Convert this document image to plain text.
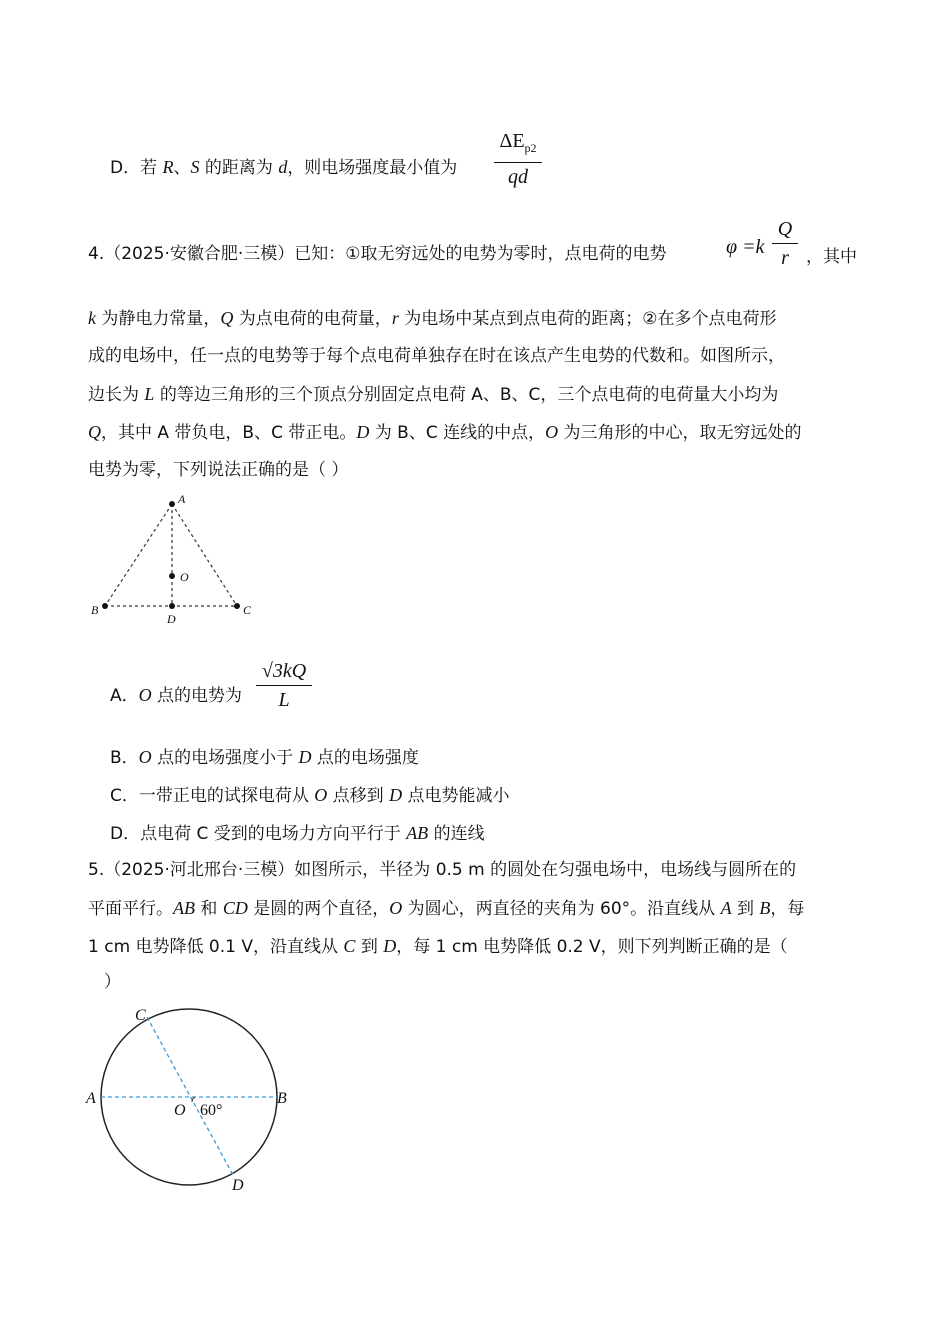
D．若 R、S 的距离为 d，则电场强度最小值为
$\Delta E_{p2}$
qd
4.（2025·安徽合肥·三模）已知：①取无穷远处的电势为零时，点电荷的电势	φ =k
Q
r	，其中
k 为静电力常量，Q 为点电荷的电荷量，r 为电场中某点到点电荷的距离；②在多个点电荷形
成的电场中，任一点的电势等于每个点电荷单独存在时在该点产生电势的代数和。如图所示，
边长为 L 的等边三角形的三个顶点分别固定点电荷 A、B、C，三个点电荷的电荷量大小均为
Q，其中 A 带负电，B、C 带正电。D 为 B、C 连线的中点，O 为三角形的中心，取无穷远处的
电势为零，下列说法正确的是（ ）
A
B	C
D
O
A．O 点的电势为
√3kQ
L
B．O 点的电场强度小于 D 点的电场强度
C．一带正电的试探电荷从 O 点移到 D 点电势能减小
D．点电荷 C 受到的电场力方向平行于 AB 的连线
5.（2025·河北邢台·三模）如图所示，半径为 0.5 m 的圆处在匀强电场中，电场线与圆所在的
平面平行。AB 和 CD 是圆的两个直径，O 为圆心，两直径的夹角为 60°。沿直线从 A 到 B，每
1 cm 电势降低 0.1 V，沿直线从 C 到 D，每 1 cm 电势降低 0.2 V，则下列判断正确的是（
）
C
A	B
O 60°
D
